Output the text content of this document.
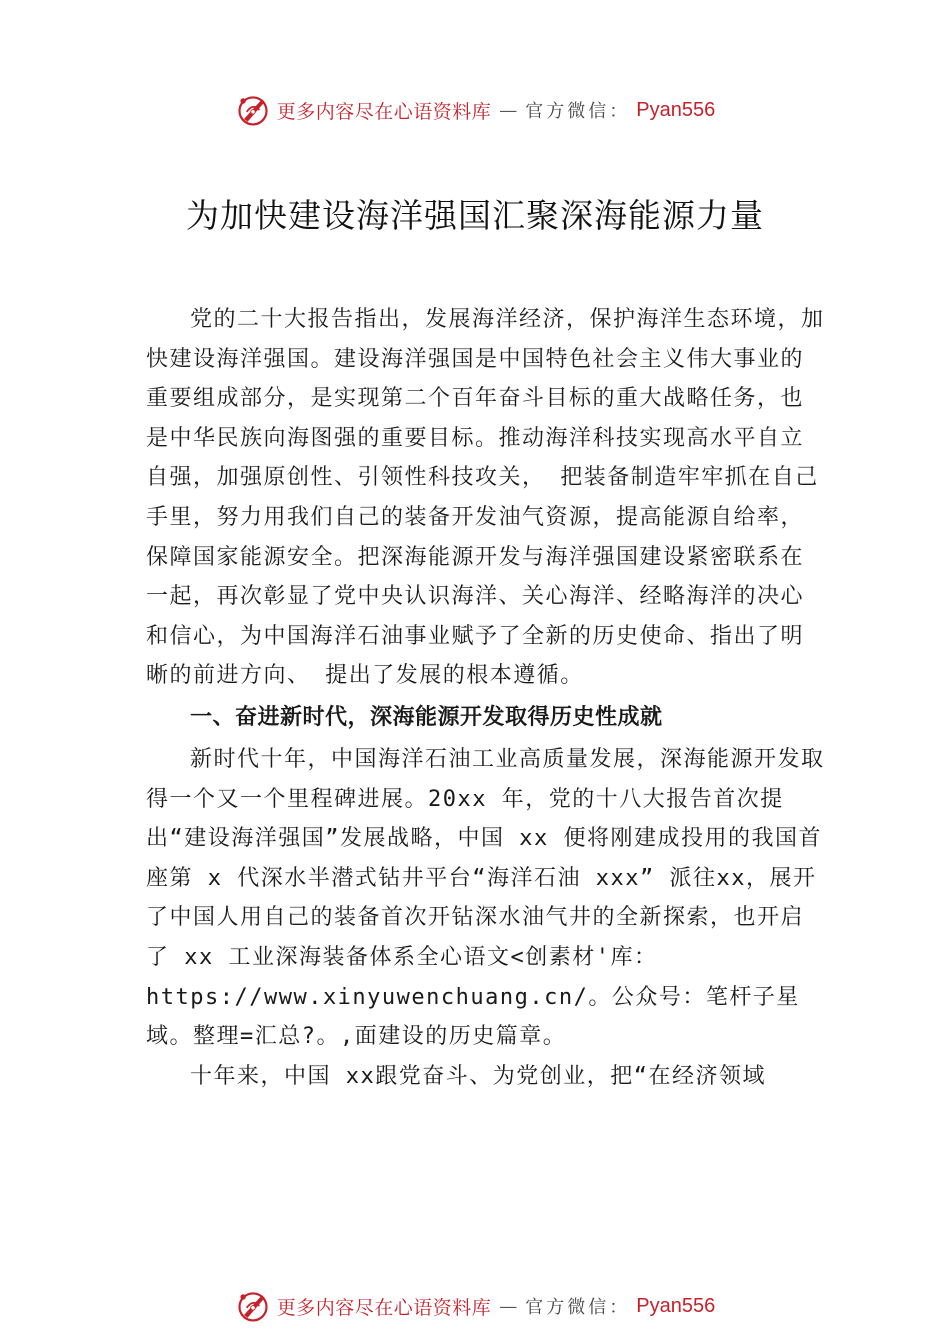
更多内容尽在心语资料库 — 官方微信： Pyan556
为加快建设海洋强国汇聚深海能源力量

党的二十大报告指出，发展海洋经济，保护海洋生态环境，加快建设海洋强国。建设海洋强国是中国特色社会主义伟大事业的重要组成部分，是实现第二个百年奋斗目标的重大战略任务，也是中华民族向海图强的重要目标。推动海洋科技实现高水平自立自强，加强原创性、引领性科技攻关， 把装备制造牢牢抓在自己手里，努力用我们自己的装备开发油气资源，提高能源自给率，保障国家能源安全。把深海能源开发与海洋强国建设紧密联系在一起，再次彰显了党中央认识海洋、关心海洋、经略海洋的决心和信心，为中国海洋石油事业赋予了全新的历史使命、指出了明晰的前进方向、 提出了发展的根本遵循。

一、奋进新时代，深海能源开发取得历史性成就

新时代十年，中国海洋石油工业高质量发展，深海能源开发取得一个又一个里程碑进展。20xx 年，党的十八大报告首次提出“建设海洋强国”发展战略，中国 xx 便将刚建成投用的我国首座第 x 代深水半潜式钻井平台“海洋石油 xxx” 派往xx，展开了中国人用自己的装备首次开钻深水油气井的全新探索，也开启了 xx 工业深海装备体系全心语文<创素材'库：https://www.xinyuwenchuang.cn/。公众号：笔杆子星域。整理=汇总?。,面建设的历史篇章。

十年来，中国 xx跟党奋斗、为党创业，把“在经济领域

更多内容尽在心语资料库 — 官方微信： Pyan556
